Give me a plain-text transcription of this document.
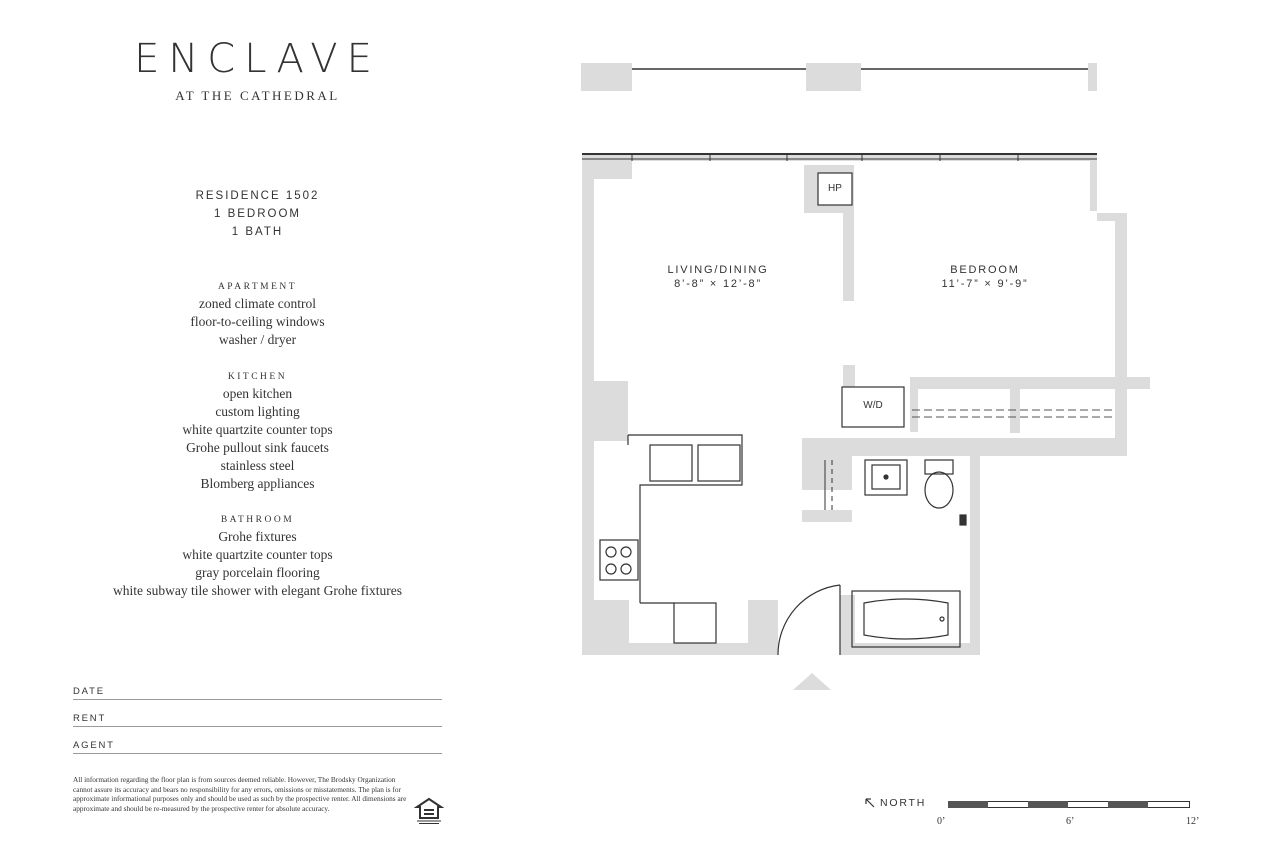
ENCLAVE
AT THE CATHEDRAL
RESIDENCE 1502
1 BEDROOM
1 BATH
APARTMENT
zoned climate control
floor-to-ceiling windows
washer / dryer
KITCHEN
open kitchen
custom lighting
white quartzite counter tops
Grohe pullout sink faucets
stainless steel
Blomberg appliances
BATHROOM
Grohe fixtures
white quartzite counter tops
gray porcelain flooring
white subway tile shower with elegant Grohe fixtures
DATE
RENT
AGENT
All information regarding the floor plan is from sources deemed reliable. However, The Brodsky Organization cannot assure its accuracy and bears no responsibility for any errors, omissions or misstatements. The plan is for approximate informational purposes only and should be used as such by the prospective renter. All dimensions are approximate and should be re-measured by the prospective renter for absolute accuracy.
LIVING/DINING
8’-8” × 12’-8”
BEDROOM
11’-7” × 9’-9”
HP
W/D
NORTH
0’	6’	12’
